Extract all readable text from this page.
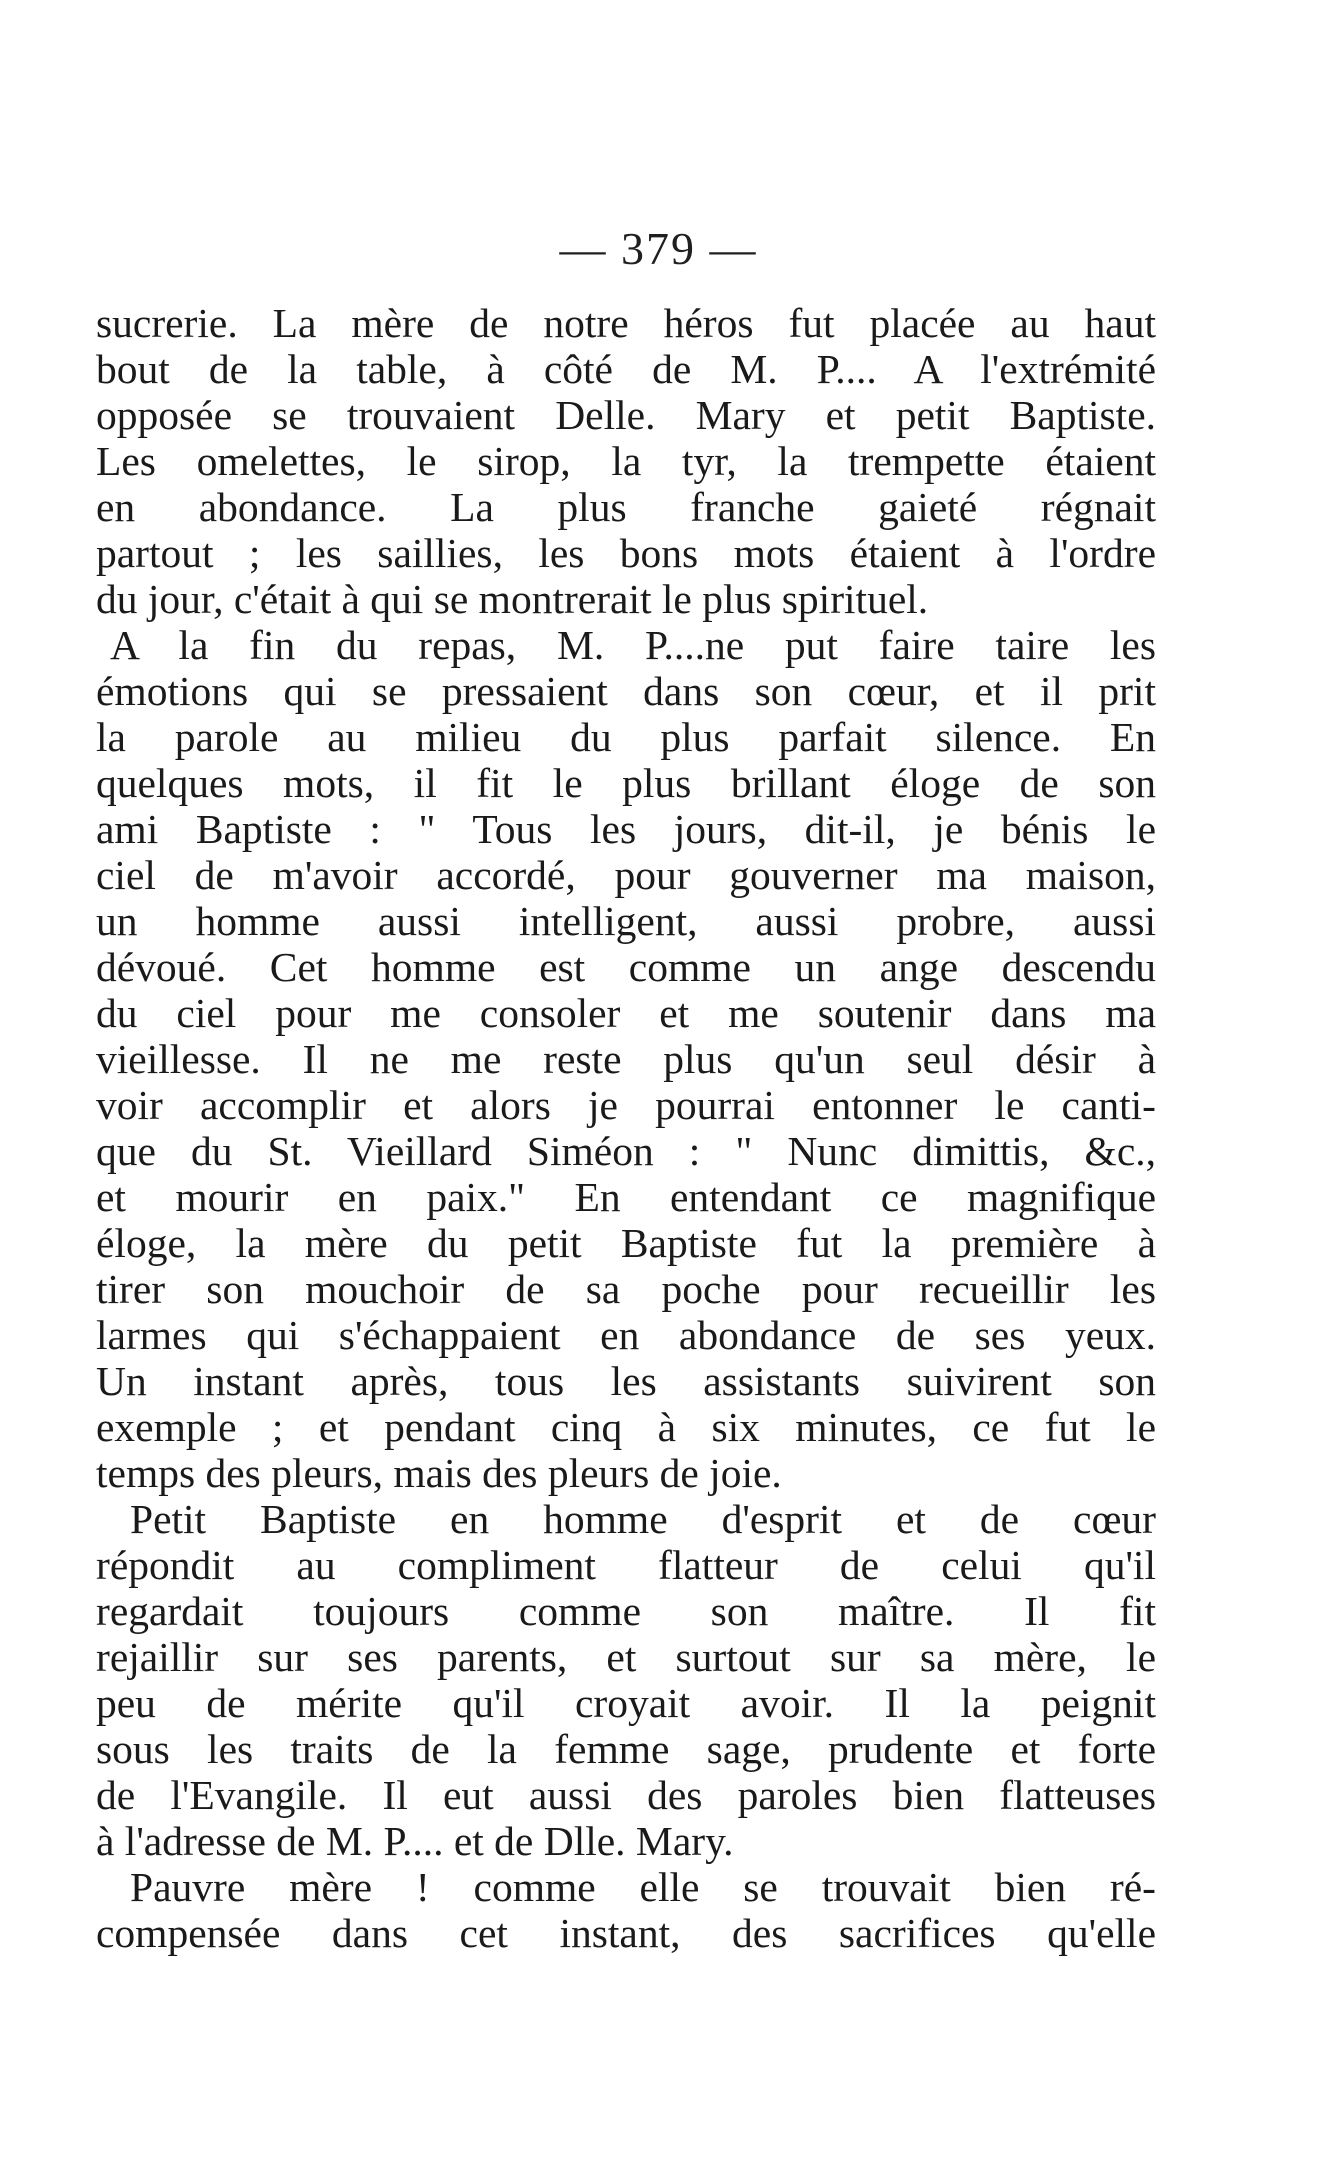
— 379 —
sucrerie. La mère de notre héros fut placée au haut
bout de la table, à côté de M. P.... A l'extrémité
opposée se trouvaient Delle. Mary et petit Baptiste.
Les omelettes, le sirop, la tyr, la trempette étaient
en abondance. La plus franche gaieté régnait
partout ; les saillies, les bons mots étaient à l'ordre
du jour, c'était à qui se montrerait le plus spirituel.
A la fin du repas, M. P....ne put faire taire les
émotions qui se pressaient dans son cœur, et il prit
la parole au milieu du plus parfait silence. En
quelques mots, il fit le plus brillant éloge de son
ami Baptiste : " Tous les jours, dit-il, je bénis le
ciel de m'avoir accordé, pour gouverner ma maison,
un homme aussi intelligent, aussi probre, aussi
dévoué. Cet homme est comme un ange descendu
du ciel pour me consoler et me soutenir dans ma
vieillesse. Il ne me reste plus qu'un seul désir à
voir accomplir et alors je pourrai entonner le canti-
que du St. Vieillard Siméon : " Nunc dimittis, &c.,
et mourir en paix." En entendant ce magnifique
éloge, la mère du petit Baptiste fut la première à
tirer son mouchoir de sa poche pour recueillir les
larmes qui s'échappaient en abondance de ses yeux.
Un instant après, tous les assistants suivirent son
exemple ; et pendant cinq à six minutes, ce fut le
temps des pleurs, mais des pleurs de joie.
Petit Baptiste en homme d'esprit et de cœur
répondit au compliment flatteur de celui qu'il
regardait toujours comme son maître. Il fit
rejaillir sur ses parents, et surtout sur sa mère, le
peu de mérite qu'il croyait avoir. Il la peignit
sous les traits de la femme sage, prudente et forte
de l'Evangile. Il eut aussi des paroles bien flatteuses
à l'adresse de M. P.... et de Dlle. Mary.
Pauvre mère ! comme elle se trouvait bien ré-
compensée dans cet instant, des sacrifices qu'elle
